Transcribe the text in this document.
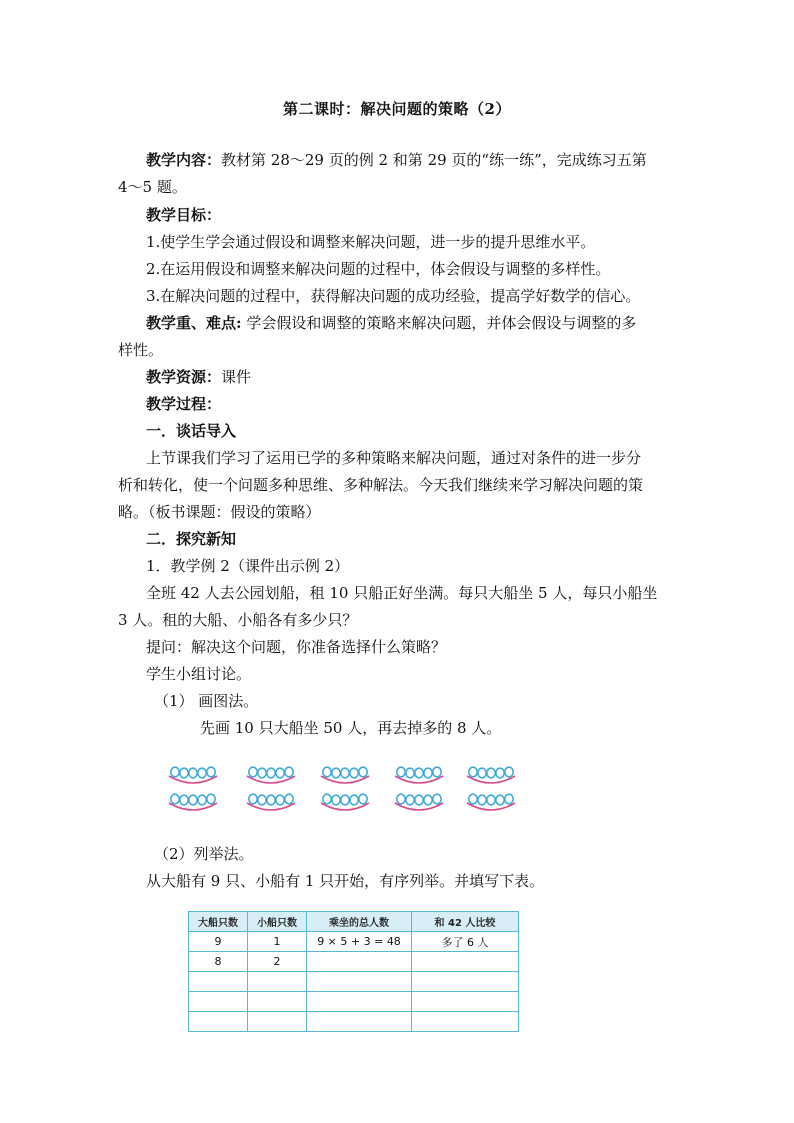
第二课时：解决问题的策略（2）
教学内容：教材第 28～29 页的例 2 和第 29 页的“练一练”，完成练习五第
4～5 题。
教学目标：
1.使学生学会通过假设和调整来解决问题，进一步的提升思维水平。
2.在运用假设和调整来解决问题的过程中，体会假设与调整的多样性。
3.在解决问题的过程中，获得解决问题的成功经验，提高学好数学的信心。
教学重、难点: 学会假设和调整的策略来解决问题，并体会假设与调整的多
样性。
教学资源：课件
教学过程：
一．谈话导入
上节课我们学习了运用已学的多种策略来解决问题，通过对条件的进一步分
析和转化，使一个问题多种思维、多种解法。今天我们继续来学习解决问题的策
略。（板书课题：假设的策略）
二．探究新知
1．教学例 2（课件出示例 2）
全班 42 人去公园划船，租 10 只船正好坐满。每只大船坐 5 人，每只小船坐
3 人。租的大船、小船各有多少只？
提问：解决这个问题，你准备选择什么策略？
学生小组讨论。
（1） 画图法。
先画 10 只大船坐 50 人，再去掉多的 8 人。
（2）列举法。
从大船有 9 只、小船有 1 只开始，有序列举。并填写下表。
大船只数	小船只数	乘坐的总人数	和 42 人比较
9	1	9 × 5 + 3 = 48	多了 6 人
8	2		
